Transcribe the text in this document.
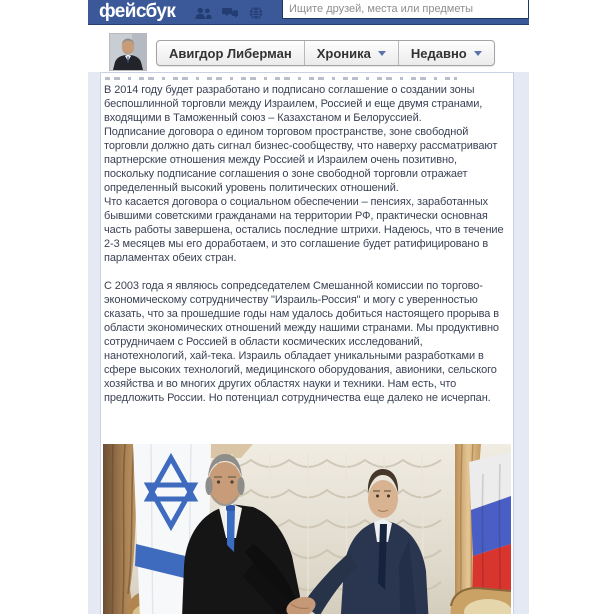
фейсбук
Ищите друзей, места или предметы
Авигдор Либерман Хроника	Недавно

В 2014 году будет разработано и подписано соглашение о создании зоны беспошлинной торговли между Израилем, Россией и еще двумя странами, входящими в Таможенный союз – Казахстаном и Белоруссией.

Подписание договора о едином торговом пространстве, зоне свободной торговли должно дать сигнал бизнес-сообществу, что наверху рассматривают партнерские отношения между Россией и Израилем очень позитивно, поскольку подписание соглашения о зоне свободной торговли отражает определенный высокий уровень политических отношений.

Что касается договора о социальном обеспечении – пенсиях, заработанных бывшими советскими гражданами на территории РФ, практически основная часть работы завершена, остались последние штрихи. Надеюсь, что в течение 2-3 месяцев мы его доработаем, и это соглашение будет ратифицировано в парламентах обеих стран.

С 2003 года я являюсь сопредседателем Смешанной комиссии по торгово-экономическому сотрудничеству "Израиль-Россия" и могу с уверенностью сказать, что за прошедшие годы нам удалось добиться настоящего прорыва в области экономических отношений между нашими странами. Мы продуктивно сотрудничаем с Россией в области космических исследований, нанотехнологий, хай-тека. Израиль обладает уникальными разработками в сфере высоких технологий, медицинского оборудования, авионики, сельского хозяйства и во многих других областях науки и техники. Нам есть, что предложить России. Но потенциал сотрудничества еще далеко не исчерпан.
